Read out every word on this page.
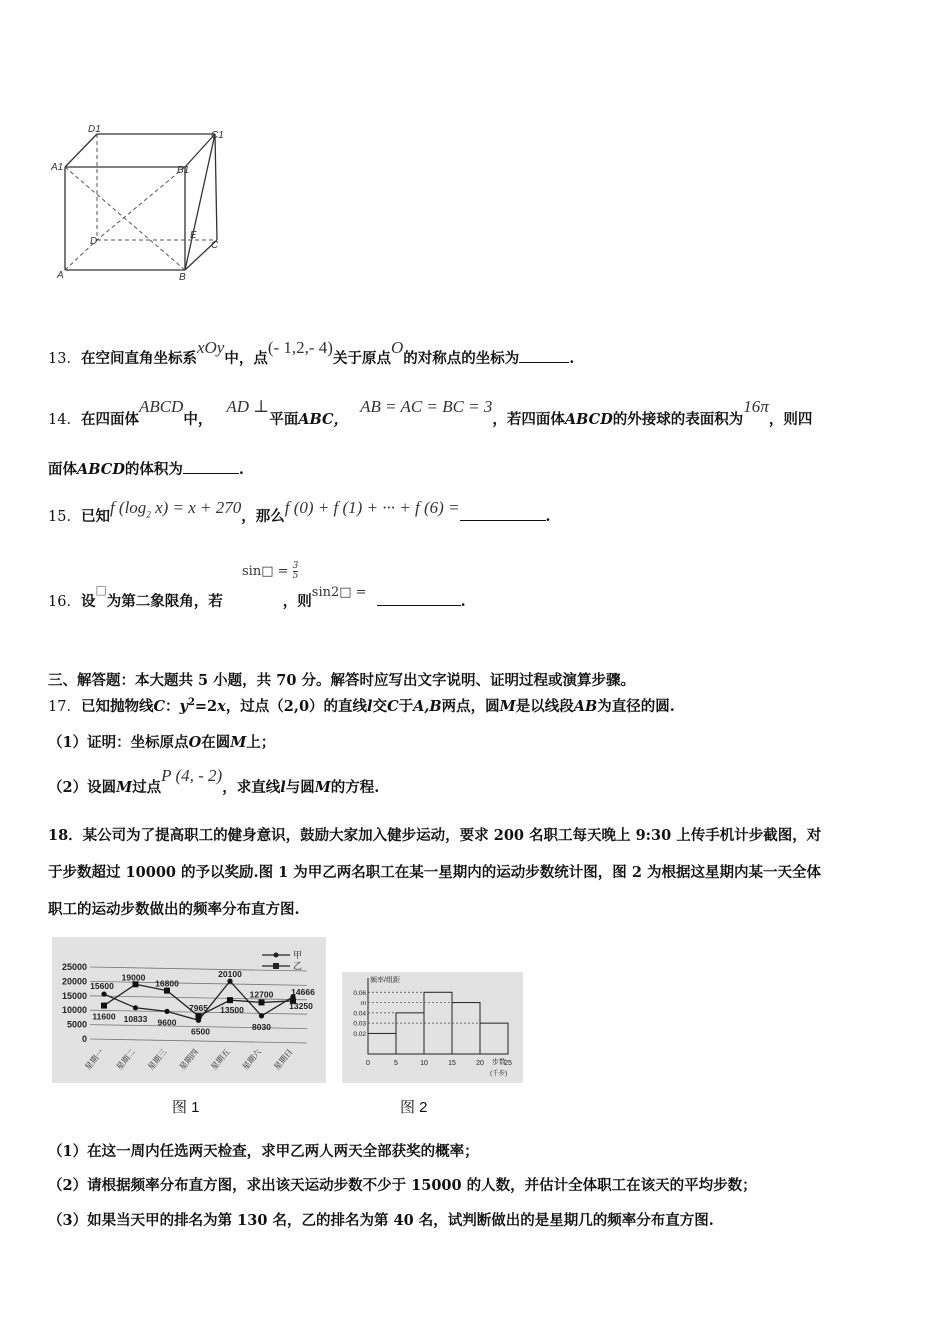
D1
C1
A1	B1
D
E
C
A	B
13．在空间直角坐标系xOy中，点(- 1,2,- 4)关于原点O的对称点的坐标为	.
14．在四面体ABCD中，AD ⊥平面ABC，AB = AC = BC = 3，若四面体ABCD的外接球的表面积为16π，则四
面体ABCD的体积为	.
15．已知f ($\log_2$ x) = x + 270，那么f (0) + f (1) + ··· + f (6) =	.
16．设□为第二象限角，若	，则sin2□ =.
sin□ = $\frac{3}{5}$
三、解答题：本大题共 5 小题，共 70 分。解答时应写出文字说明、证明过程或演算步骤。
17．已知抛物线C：$y^2=2x$，过点（2,0）的直线l交C于A,B两点，圆M是以线段AB为直径的圆.
（1）证明：坐标原点O在圆M上；
（2）设圆M过点P (4, - 2)，求直线l与圆M的方程.
18．某公司为了提高职工的健身意识，鼓励大家加入健步运动，要求 200 名职工每天晚上 9:30 上传手机计步截图，对
于步数超过 10000 的予以奖励.图 1 为甲乙两名职工在某一星期内的运动步数统计图，图 2 为根据这星期内某一天全体
职工的运动步数做出的频率分布直方图.
25000
20000
15000
10000
5000
0
甲
乙
15600
10833 9600
6500
20100
8030
14666
11600
19000
16800
7965 13500
12700
13250
星期一 星期二 星期三 星期四 星期五 星期六 星期日
频率/组距
步数
(千步)
0.06
m
0.04
0.03
0.02
0	5	10	15	20	25
图 1	图 2
（1）在这一周内任选两天检查，求甲乙两人两天全部获奖的概率；
（2）请根据频率分布直方图，求出该天运动步数不少于 15000 的人数，并估计全体职工在该天的平均步数；
（3）如果当天甲的排名为第 130 名，乙的排名为第 40 名，试判断做出的是星期几的频率分布直方图.
